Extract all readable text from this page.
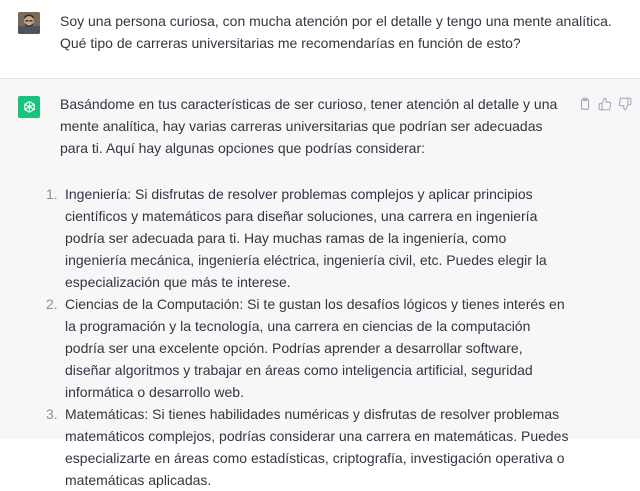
Soy una persona curiosa, con mucha atención por el detalle y tengo una mente analítica. Qué tipo de carreras universitarias me recomendarías en función de esto?

Basándome en tus características de ser curioso, tener atención al detalle y una mente analítica, hay varias carreras universitarias que podrían ser adecuadas para ti. Aquí hay algunas opciones que podrías considerar:

1. Ingeniería: Si disfrutas de resolver problemas complejos y aplicar principios científicos y matemáticos para diseñar soluciones, una carrera en ingeniería podría ser adecuada para ti. Hay muchas ramas de la ingeniería, como ingeniería mecánica, ingeniería eléctrica, ingeniería civil, etc. Puedes elegir la especialización que más te interese.
2. Ciencias de la Computación: Si te gustan los desafíos lógicos y tienes interés en la programación y la tecnología, una carrera en ciencias de la computación podría ser una excelente opción. Podrías aprender a desarrollar software, diseñar algoritmos y trabajar en áreas como inteligencia artificial, seguridad informática o desarrollo web.
3. Matemáticas: Si tienes habilidades numéricas y disfrutas de resolver problemas matemáticos complejos, podrías considerar una carrera en matemáticas. Puedes especializarte en áreas como estadísticas, criptografía, investigación operativa o matemáticas aplicadas.
